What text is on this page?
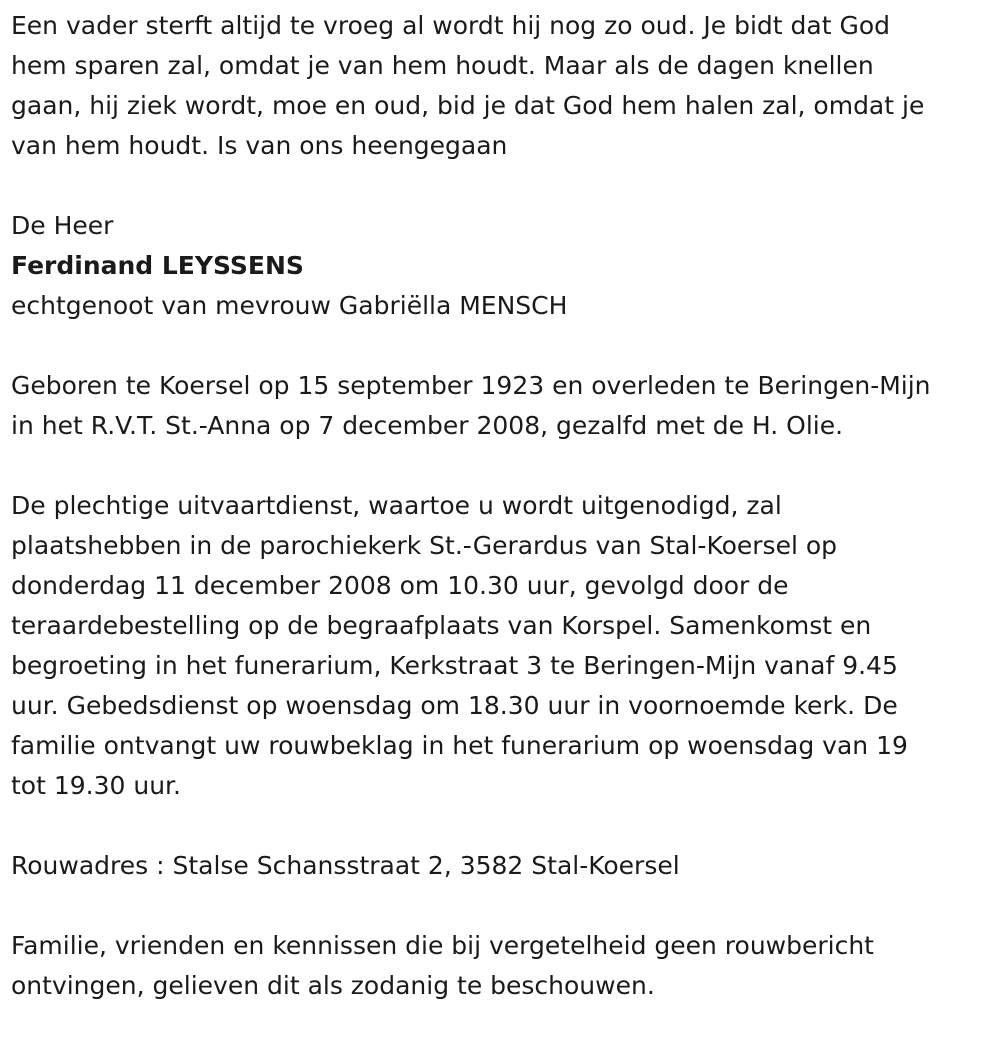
Een vader sterft altijd te vroeg al wordt hij nog zo oud. Je bidt dat God

hem sparen zal, omdat je van hem houdt. Maar als de dagen knellen

gaan, hij ziek wordt, moe en oud, bid je dat God hem halen zal, omdat je

van hem houdt. Is van ons heengegaan

De Heer

Ferdinand LEYSSENS

echtgenoot van mevrouw Gabriëlla MENSCH

Geboren te Koersel op 15 september 1923 en overleden te Beringen-Mijn

in het R.V.T. St.-Anna op 7 december 2008, gezalfd met de H. Olie.

De plechtige uitvaartdienst, waartoe u wordt uitgenodigd, zal

plaatshebben in de parochiekerk St.-Gerardus van Stal-Koersel op

donderdag 11 december 2008 om 10.30 uur, gevolgd door de

teraardebestelling op de begraafplaats van Korspel. Samenkomst en

begroeting in het funerarium, Kerkstraat 3 te Beringen-Mijn vanaf 9.45

uur. Gebedsdienst op woensdag om 18.30 uur in voornoemde kerk. De

familie ontvangt uw rouwbeklag in het funerarium op woensdag van 19

tot 19.30 uur.

Rouwadres : Stalse Schansstraat 2, 3582 Stal-Koersel

Familie, vrienden en kennissen die bij vergetelheid geen rouwbericht

ontvingen, gelieven dit als zodanig te beschouwen.
